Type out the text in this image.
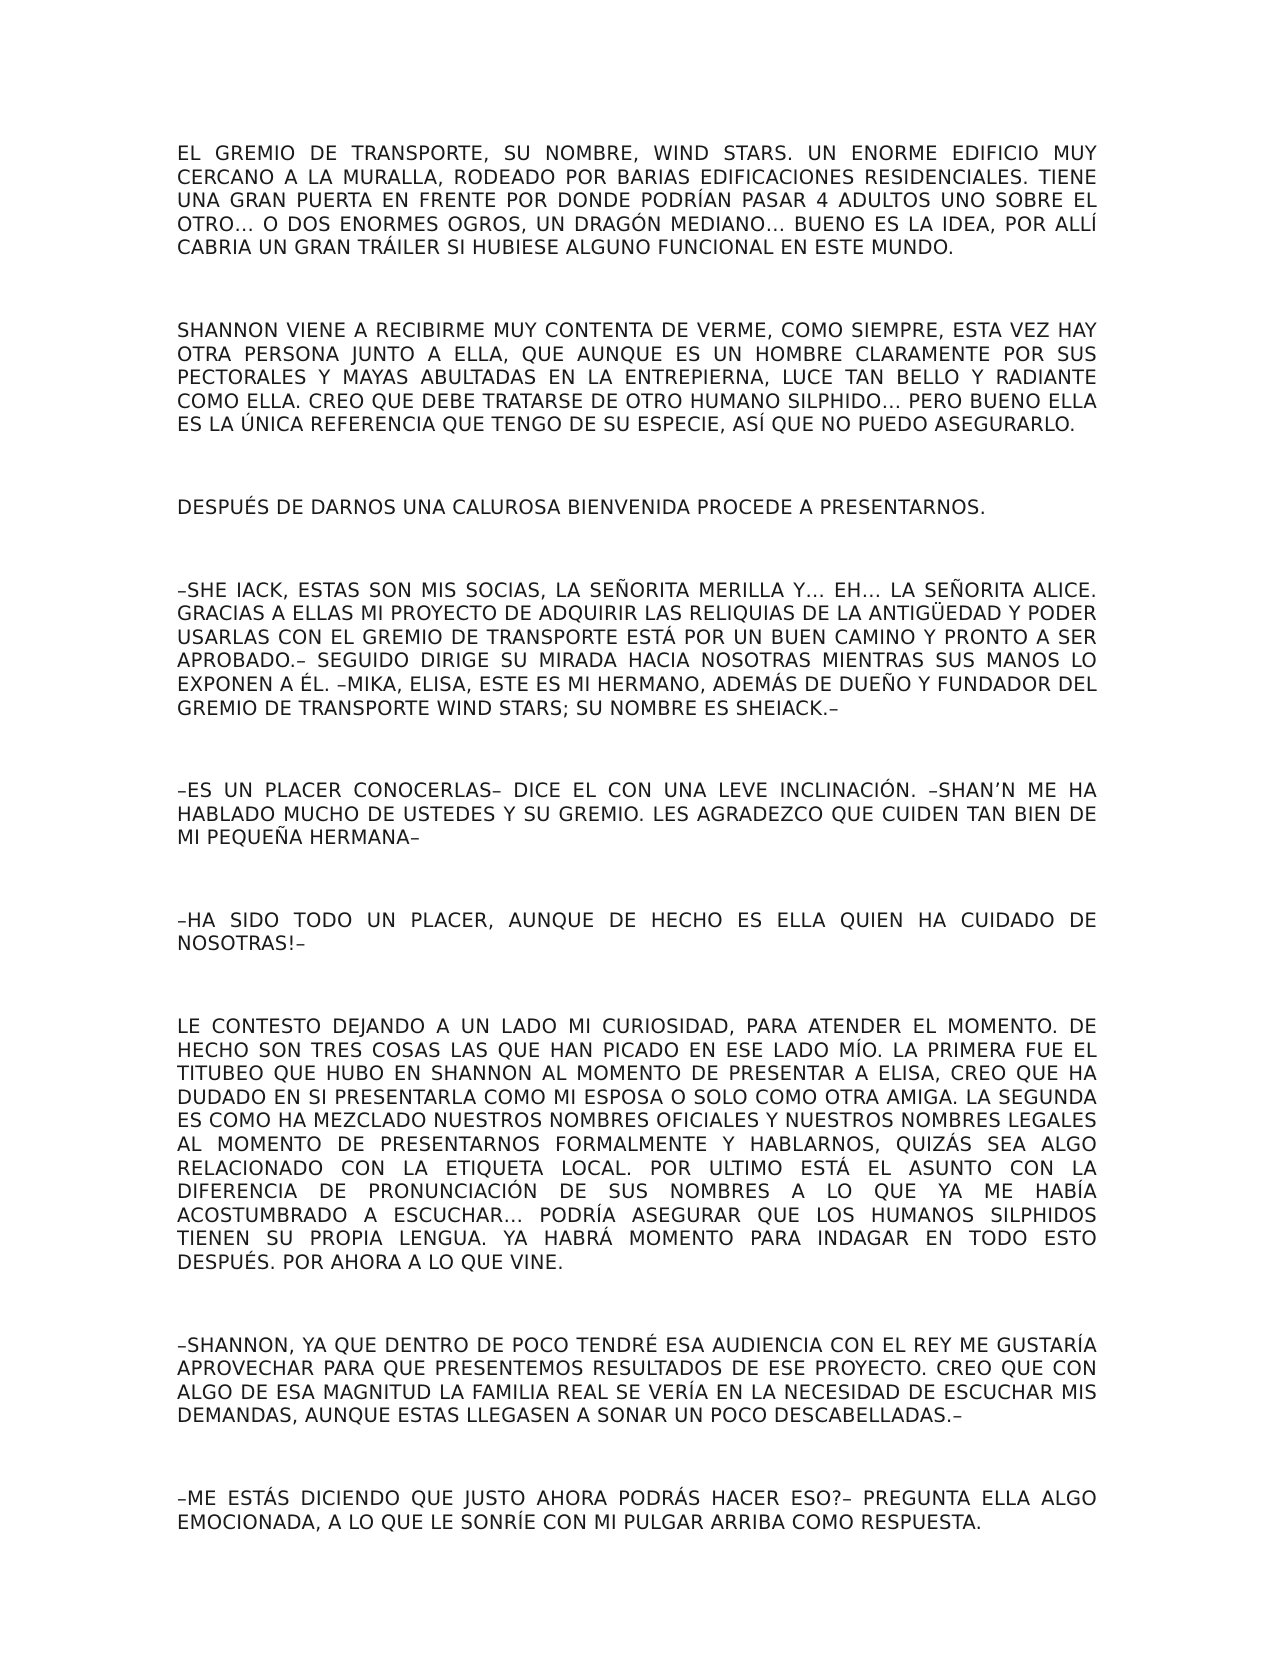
EL GREMIO DE TRANSPORTE, SU NOMBRE, WIND STARS. UN ENORME EDIFICIO MUY CERCANO A LA MURALLA, RODEADO POR BARIAS EDIFICACIONES RESIDENCIALES. TIENE UNA GRAN PUERTA EN FRENTE POR DONDE PODRÍAN PASAR 4 ADULTOS UNO SOBRE EL OTRO… O DOS ENORMES OGROS, UN DRAGÓN MEDIANO… BUENO ES LA IDEA, POR ALLÍ CABRIA UN GRAN TRÁILER SI HUBIESE ALGUNO FUNCIONAL EN ESTE MUNDO.

SHANNON VIENE A RECIBIRME MUY CONTENTA DE VERME, COMO SIEMPRE, ESTA VEZ HAY OTRA PERSONA JUNTO A ELLA, QUE AUNQUE ES UN HOMBRE CLARAMENTE POR SUS PECTORALES Y MAYAS ABULTADAS EN LA ENTREPIERNA, LUCE TAN BELLO Y RADIANTE COMO ELLA. CREO QUE DEBE TRATARSE DE OTRO HUMANO SILPHIDO… PERO BUENO ELLA ES LA ÚNICA REFERENCIA QUE TENGO DE SU ESPECIE, ASÍ QUE NO PUEDO ASEGURARLO.

DESPUÉS DE DARNOS UNA CALUROSA BIENVENIDA PROCEDE A PRESENTARNOS.

–SHE IACK, ESTAS SON MIS SOCIAS, LA SEÑORITA MERILLA Y… EH… LA SEÑORITA ALICE. GRACIAS A ELLAS MI PROYECTO DE ADQUIRIR LAS RELIQUIAS DE LA ANTIGÜEDAD Y PODER USARLAS CON EL GREMIO DE TRANSPORTE ESTÁ POR UN BUEN CAMINO Y PRONTO A SER APROBADO.– SEGUIDO DIRIGE SU MIRADA HACIA NOSOTRAS MIENTRAS SUS MANOS LO EXPONEN A ÉL. –MIKA, ELISA, ESTE ES MI HERMANO, ADEMÁS DE DUEÑO Y FUNDADOR DEL GREMIO DE TRANSPORTE WIND STARS; SU NOMBRE ES SHEIACK.–

–ES UN PLACER CONOCERLAS– DICE EL CON UNA LEVE INCLINACIÓN. –SHAN’N ME HA HABLADO MUCHO DE USTEDES Y SU GREMIO. LES AGRADEZCO QUE CUIDEN TAN BIEN DE MI PEQUEÑA HERMANA–

–HA SIDO TODO UN PLACER, AUNQUE DE HECHO ES ELLA QUIEN HA CUIDADO DE NOSOTRAS!–

LE CONTESTO DEJANDO A UN LADO MI CURIOSIDAD, PARA ATENDER EL MOMENTO. DE HECHO SON TRES COSAS LAS QUE HAN PICADO EN ESE LADO MÍO. LA PRIMERA FUE EL TITUBEO QUE HUBO EN SHANNON AL MOMENTO DE PRESENTAR A ELISA, CREO QUE HA DUDADO EN SI PRESENTARLA COMO MI ESPOSA O SOLO COMO OTRA AMIGA. LA SEGUNDA ES COMO HA MEZCLADO NUESTROS NOMBRES OFICIALES Y NUESTROS NOMBRES LEGALES AL MOMENTO DE PRESENTARNOS FORMALMENTE Y HABLARNOS, QUIZÁS SEA ALGO RELACIONADO CON LA ETIQUETA LOCAL. POR ULTIMO ESTÁ EL ASUNTO CON LA DIFERENCIA DE PRONUNCIACIÓN DE SUS NOMBRES A LO QUE YA ME HABÍA ACOSTUMBRADO A ESCUCHAR… PODRÍA ASEGURAR QUE LOS HUMANOS SILPHIDOS TIENEN SU PROPIA LENGUA. YA HABRÁ MOMENTO PARA INDAGAR EN TODO ESTO DESPUÉS. POR AHORA A LO QUE VINE.

–SHANNON, YA QUE DENTRO DE POCO TENDRÉ ESA AUDIENCIA CON EL REY ME GUSTARÍA APROVECHAR PARA QUE PRESENTEMOS RESULTADOS DE ESE PROYECTO. CREO QUE CON ALGO DE ESA MAGNITUD LA FAMILIA REAL SE VERÍA EN LA NECESIDAD DE ESCUCHAR MIS DEMANDAS, AUNQUE ESTAS LLEGASEN A SONAR UN POCO DESCABELLADAS.–

–ME ESTÁS DICIENDO QUE JUSTO AHORA PODRÁS HACER ESO?– PREGUNTA ELLA ALGO EMOCIONADA, A LO QUE LE SONRÍE CON MI PULGAR ARRIBA COMO RESPUESTA.
